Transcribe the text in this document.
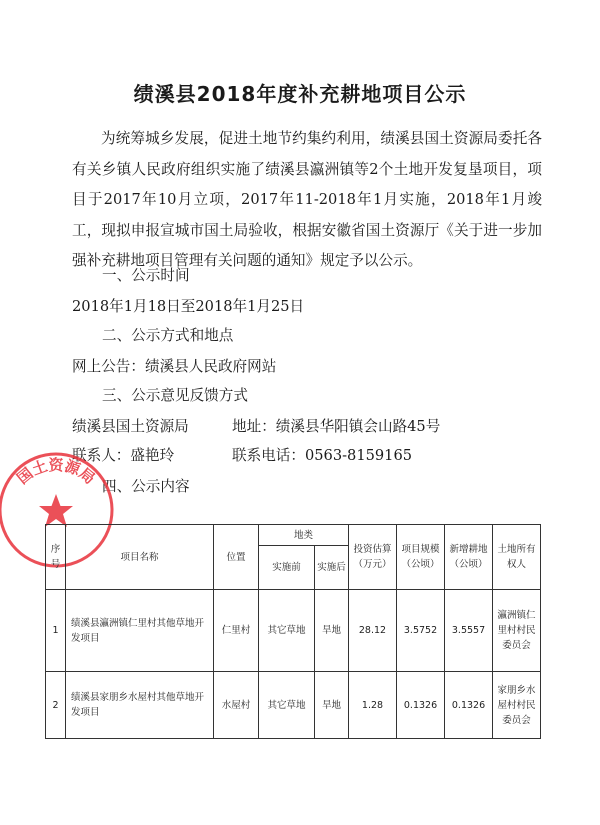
绩溪县2018年度补充耕地项目公示
为统筹城乡发展，促进土地节约集约利用，绩溪县国土资源局委托各有关乡镇人民政府组织实施了绩溪县瀛洲镇等2个土地开发复垦项目，项目于2017年10月立项，2017年11-2018年1月实施，2018年1月竣工，现拟申报宣城市国土局验收，根据安徽省国土资源厅《关于进一步加强补充耕地项目管理有关问题的通知》规定予以公示。
一、公示时间
2018年1月18日至2018年1月25日
二、公示方式和地点
网上公告：绩溪县人民政府网站
三、公示意见反馈方式
绩溪县国土资源局	地址：绩溪县华阳镇会山路45号
联系人：盛艳玲	联系电话：0563-8159165
四、公示内容
国土资源局
序号	项目名称	位置	地类		投资估算（万元）	项目规模（公顷）	新增耕地（公顷）	土地所有权人
			实施前	实施后				
1	绩溪县瀛洲镇仁里村其他草地开发项目	仁里村	其它草地	旱地	28.12	3.5752	3.5557	瀛洲镇仁里村村民委员会
2	绩溪县家朋乡水屋村其他草地开发项目	水屋村	其它草地	旱地	1.28	0.1326	0.1326	家朋乡水屋村村民委员会
